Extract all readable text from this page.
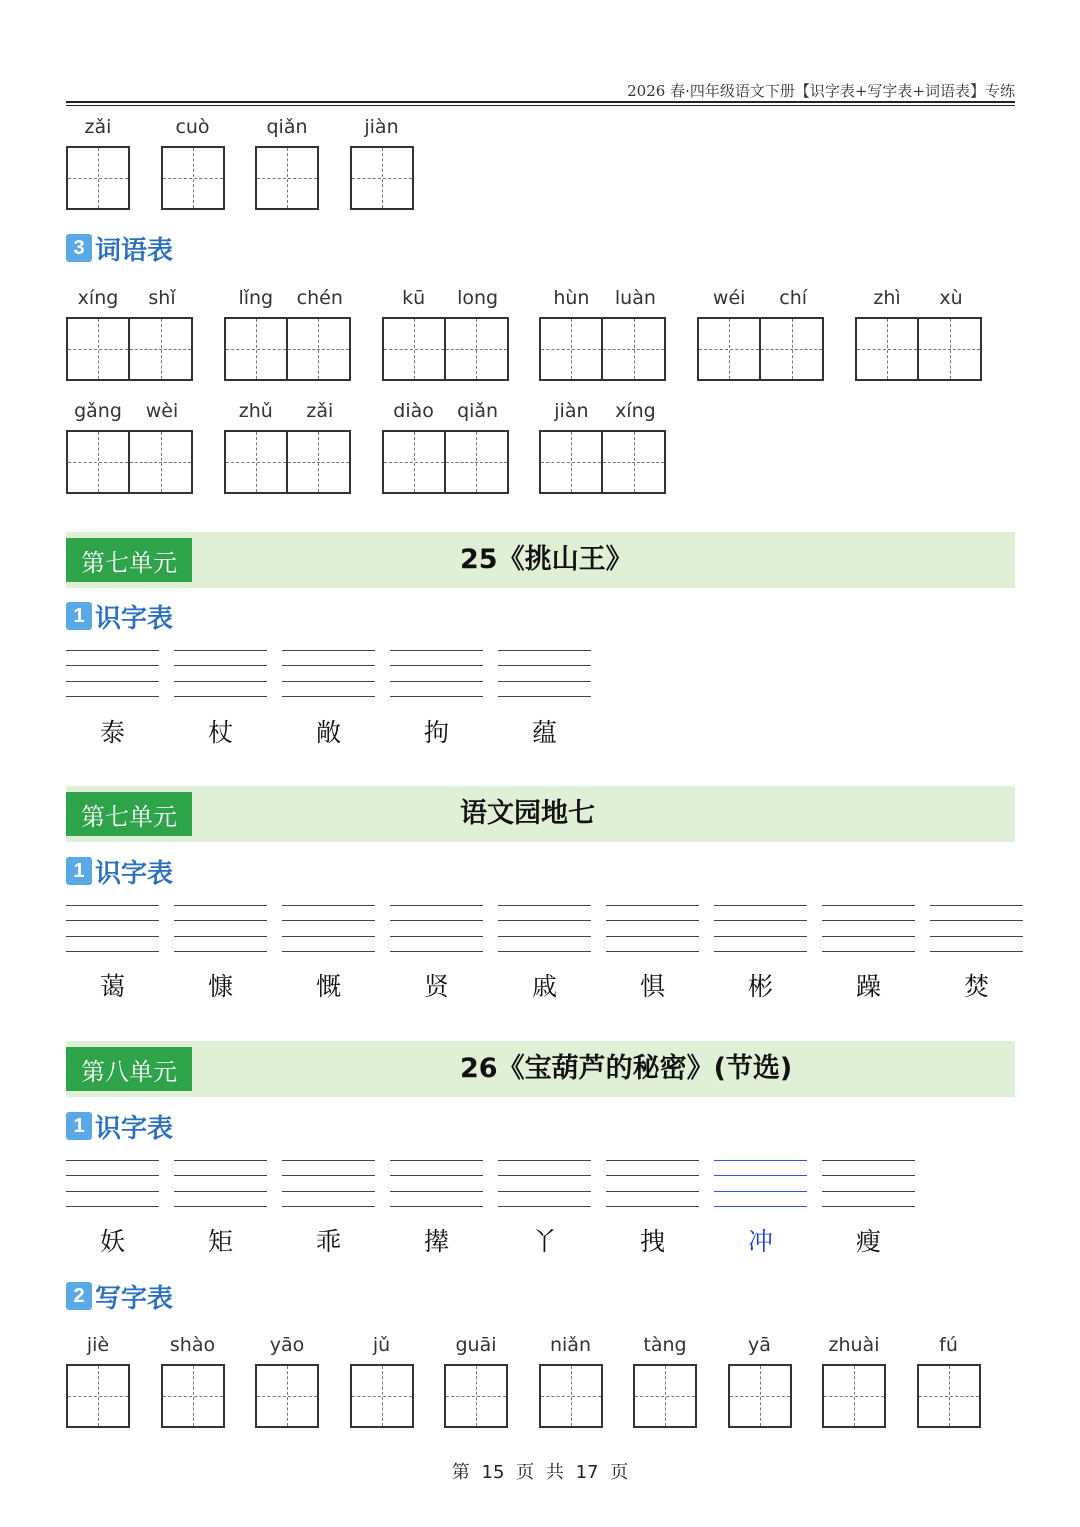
2026 春·四年级语文下册【识字表+写字表+词语表】专练
zǎi	cuò	qiǎn	jiàn
3 词语表
xíng	shǐ	lǐng	chén	kū	long	hùn	luàn	wéi	chí	zhì	xù
gǎng	wèi	zhǔ	zǎi	diào	qiǎn	jiàn	xíng
第七单元	25《挑山王》
1 识字表
泰	杖	敞	拘	蕴
第七单元	语文园地七
1 识字表
蔼	慷	慨	贤	戚	惧	彬	躁	焚
第八单元	26《宝葫芦的秘密》(节选)
1 识字表
妖	矩	乖	撵	丫	拽	冲	瘦
2 写字表
jiè	shào	yāo	jǔ	guāi	niǎn	tàng	yā	zhuài	fú
第 15 页 共 17 页
